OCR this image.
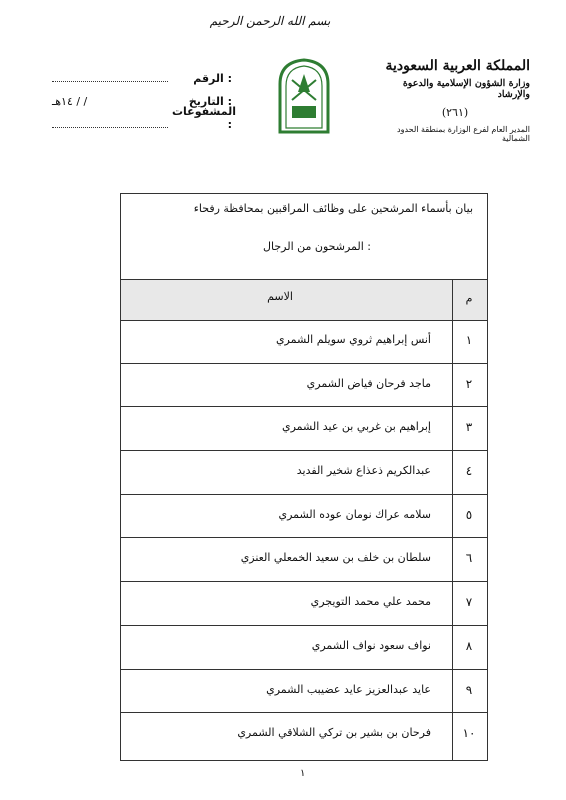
بسم الله الرحمن الرحيم
الرقم :
التاريخ :
/ / ١٤هـ
المشفوعات :
المملكة العربية السعودية
وزارة الشؤون الإسلامية والدعوة والإرشاد
(٢٦١)
المدير العام لفرع الوزارة بمنطقة الحدود الشمالية
بيان بأسماء المرشحين على وظائف المراقبين بمحافظة رفحاء
: المرشحون من الرجال
الاسم	م
١
أنس إبراهيم ثروي سويلم الشمري
٢
ماجد فرحان فياض الشمري
٣
إبراهيم بن غربي بن عيد الشمري
٤
عبدالكريم ذعذاع شخير الفديد
٥
سلامه عراك نومان عوده الشمري
٦
سلطان بن خلف بن سعيد الخمعلي العنزي
٧
محمد علي محمد التويجري
٨
نواف سعود نواف الشمري
٩
عايد عبدالعزيز عايد عضيبب الشمري
١٠
فرحان بن بشير بن تركي الشلاقي الشمري
١
